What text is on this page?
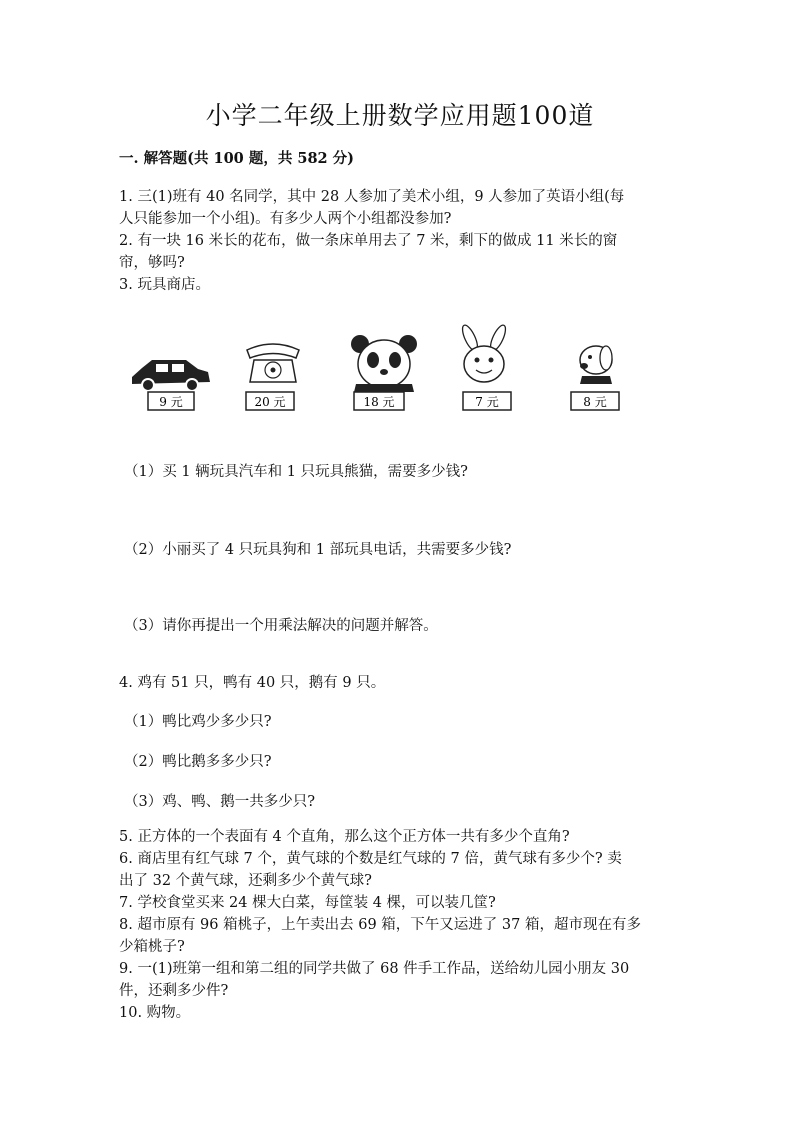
小学二年级上册数学应用题100道
一. 解答题(共 100 题，共 582 分)
1. 三(1)班有 40 名同学，其中 28 人参加了美术小组，9 人参加了英语小组(每
人只能参加一个小组)。有多少人两个小组都没参加?
2. 有一块 16 米长的花布，做一条床单用去了 7 米，剩下的做成 11 米长的窗
帘，够吗?
3. 玩具商店。
9 元	20 元	18 元	7 元	8 元
（1）买 1 辆玩具汽车和 1 只玩具熊猫，需要多少钱?
（2）小丽买了 4 只玩具狗和 1 部玩具电话，共需要多少钱?
（3）请你再提出一个用乘法解决的问题并解答。
4. 鸡有 51 只，鸭有 40 只，鹅有 9 只。
（1）鸭比鸡少多少只?
（2）鸭比鹅多多少只?
（3）鸡、鸭、鹅一共多少只?
5. 正方体的一个表面有 4 个直角，那么这个正方体一共有多少个直角?
6. 商店里有红气球 7 个，黄气球的个数是红气球的 7 倍，黄气球有多少个? 卖
出了 32 个黄气球，还剩多少个黄气球?
7. 学校食堂买来 24 棵大白菜，每筐装 4 棵，可以装几筐?
8. 超市原有 96 箱桃子，上午卖出去 69 箱，下午又运进了 37 箱，超市现在有多
少箱桃子?
9. 一(1)班第一组和第二组的同学共做了 68 件手工作品，送给幼儿园小朋友 30
件，还剩多少件?
10. 购物。
